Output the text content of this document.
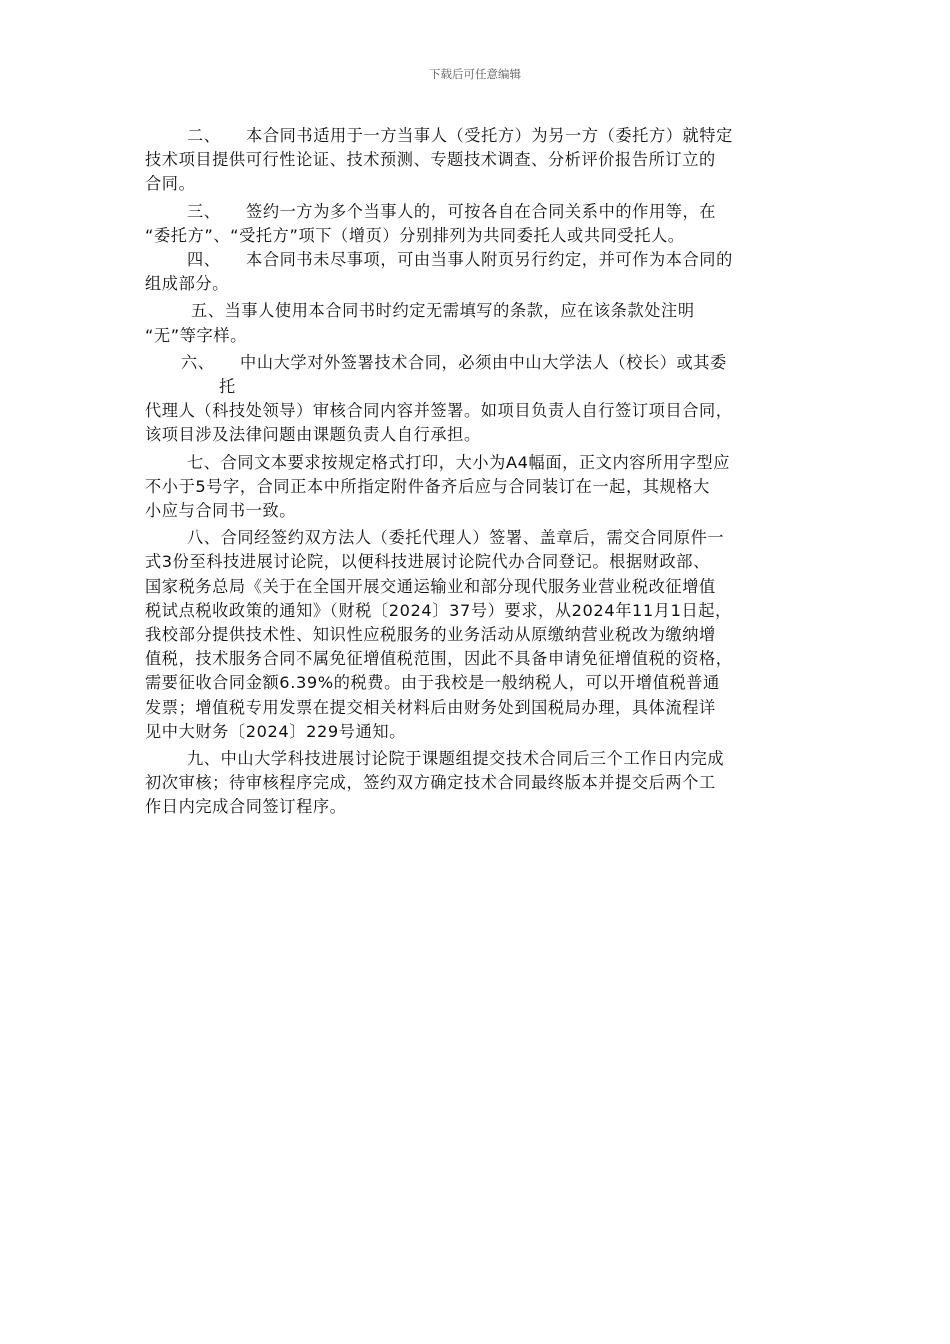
下载后可任意编辑

二、　　本合同书适用于一方当事人（受托方）为另一方（委托方）就特定
技术项目提供可行性论证、技术预测、专题技术调查、分析评价报告所订立的
合同。

三、　　签约一方为多个当事人的，可按各自在合同关系中的作用等，在
“委托方”、“受托方”项下（增页）分别排列为共同委托人或共同受托人。

四、　　本合同书未尽事项，可由当事人附页另行约定，并可作为本合同的
组成部分。

五、当事人使用本合同书时约定无需填写的条款，应在该条款处注明
“无”等字样。

六、　　中山大学对外签署技术合同，必须由中山大学法人（校长）或其委
托
代理人（科技处领导）审核合同内容并签署。如项目负责人自行签订项目合同，
该项目涉及法律问题由课题负责人自行承担。

七、合同文本要求按规定格式打印，大小为A4幅面，正文内容所用字型应
不小于5号字，合同正本中所指定附件备齐后应与合同装订在一起，其规格大
小应与合同书一致。

八、合同经签约双方法人（委托代理人）签署、盖章后，需交合同原件一
式3份至科技进展讨论院，以便科技进展讨论院代办合同登记。根据财政部、
国家税务总局《关于在全国开展交通运输业和部分现代服务业营业税改征增值
税试点税收政策的通知》（财税〔2024〕37号）要求，从2024年11月1日起，
我校部分提供技术性、知识性应税服务的业务活动从原缴纳营业税改为缴纳增
值税，技术服务合同不属免征增值税范围，因此不具备申请免征增值税的资格，
需要征收合同金额6.39%的税费。由于我校是一般纳税人，可以开增值税普通
发票；增值税专用发票在提交相关材料后由财务处到国税局办理，具体流程详
见中大财务〔2024〕229号通知。

九、中山大学科技进展讨论院于课题组提交技术合同后三个工作日内完成
初次审核；待审核程序完成，签约双方确定技术合同最终版本并提交后两个工
作日内完成合同签订程序。
